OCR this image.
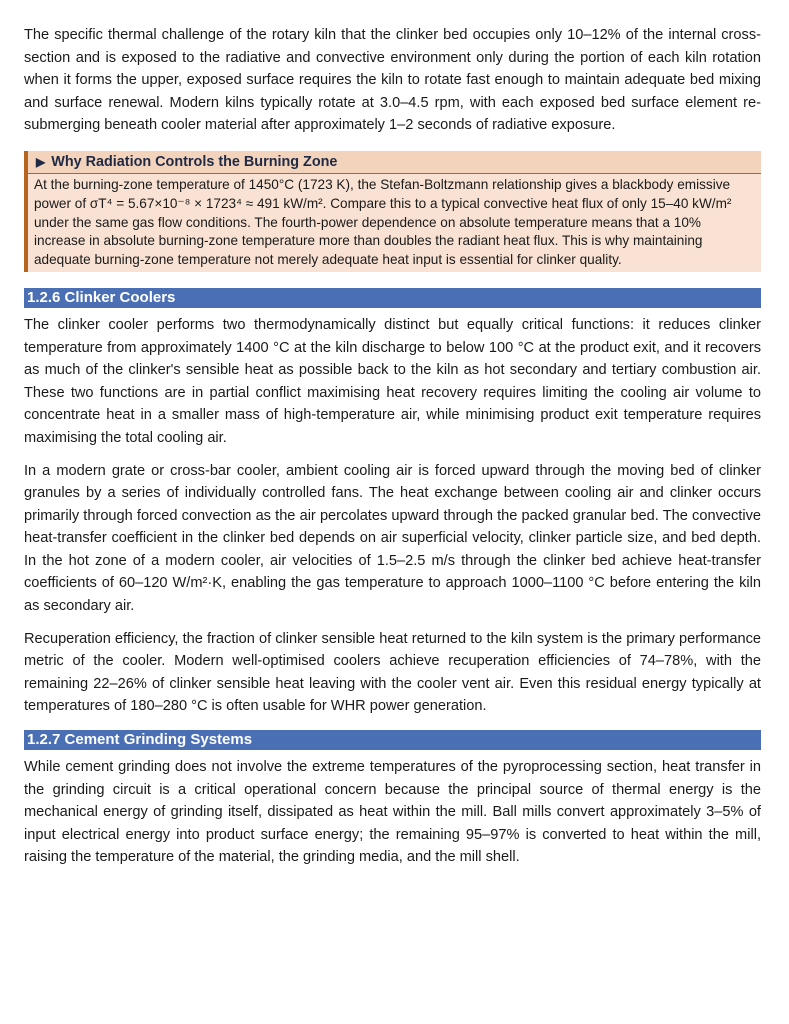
The specific thermal challenge of the rotary kiln that the clinker bed occupies only 10–12% of the internal cross-section and is exposed to the radiative and convective environment only during the portion of each kiln rotation when it forms the upper, exposed surface requires the kiln to rotate fast enough to maintain adequate bed mixing and surface renewal. Modern kilns typically rotate at 3.0–4.5 rpm, with each exposed bed surface element re-submerging beneath cooler material after approximately 1–2 seconds of radiative exposure.

▶ Why Radiation Controls the Burning Zone
At the burning-zone temperature of 1450°C (1723 K), the Stefan-Boltzmann relationship gives a blackbody emissive power of σT⁴ = 5.67×10⁻⁸ × 1723⁴ ≈ 491 kW/m². Compare this to a typical convective heat flux of only 15–40 kW/m² under the same gas flow conditions. The fourth-power dependence on absolute temperature means that a 10% increase in absolute burning-zone temperature more than doubles the radiant heat flux. This is why maintaining adequate burning-zone temperature not merely adequate heat input is essential for clinker quality.
1.2.6 Clinker Coolers

The clinker cooler performs two thermodynamically distinct but equally critical functions: it reduces clinker temperature from approximately 1400 °C at the kiln discharge to below 100 °C at the product exit, and it recovers as much of the clinker's sensible heat as possible back to the kiln as hot secondary and tertiary combustion air. These two functions are in partial conflict maximising heat recovery requires limiting the cooling air volume to concentrate heat in a smaller mass of high-temperature air, while minimising product exit temperature requires maximising the total cooling air.

In a modern grate or cross-bar cooler, ambient cooling air is forced upward through the moving bed of clinker granules by a series of individually controlled fans. The heat exchange between cooling air and clinker occurs primarily through forced convection as the air percolates upward through the packed granular bed. The convective heat-transfer coefficient in the clinker bed depends on air superficial velocity, clinker particle size, and bed depth. In the hot zone of a modern cooler, air velocities of 1.5–2.5 m/s through the clinker bed achieve heat-transfer coefficients of 60–120 W/m²·K, enabling the gas temperature to approach 1000–1100 °C before entering the kiln as secondary air.

Recuperation efficiency, the fraction of clinker sensible heat returned to the kiln system is the primary performance metric of the cooler. Modern well-optimised coolers achieve recuperation efficiencies of 74–78%, with the remaining 22–26% of clinker sensible heat leaving with the cooler vent air. Even this residual energy typically at temperatures of 180–280 °C is often usable for WHR power generation.

1.2.7 Cement Grinding Systems

While cement grinding does not involve the extreme temperatures of the pyroprocessing section, heat transfer in the grinding circuit is a critical operational concern because the principal source of thermal energy is the mechanical energy of grinding itself, dissipated as heat within the mill. Ball mills convert approximately 3–5% of input electrical energy into product surface energy; the remaining 95–97% is converted to heat within the mill, raising the temperature of the material, the grinding media, and the mill shell.
